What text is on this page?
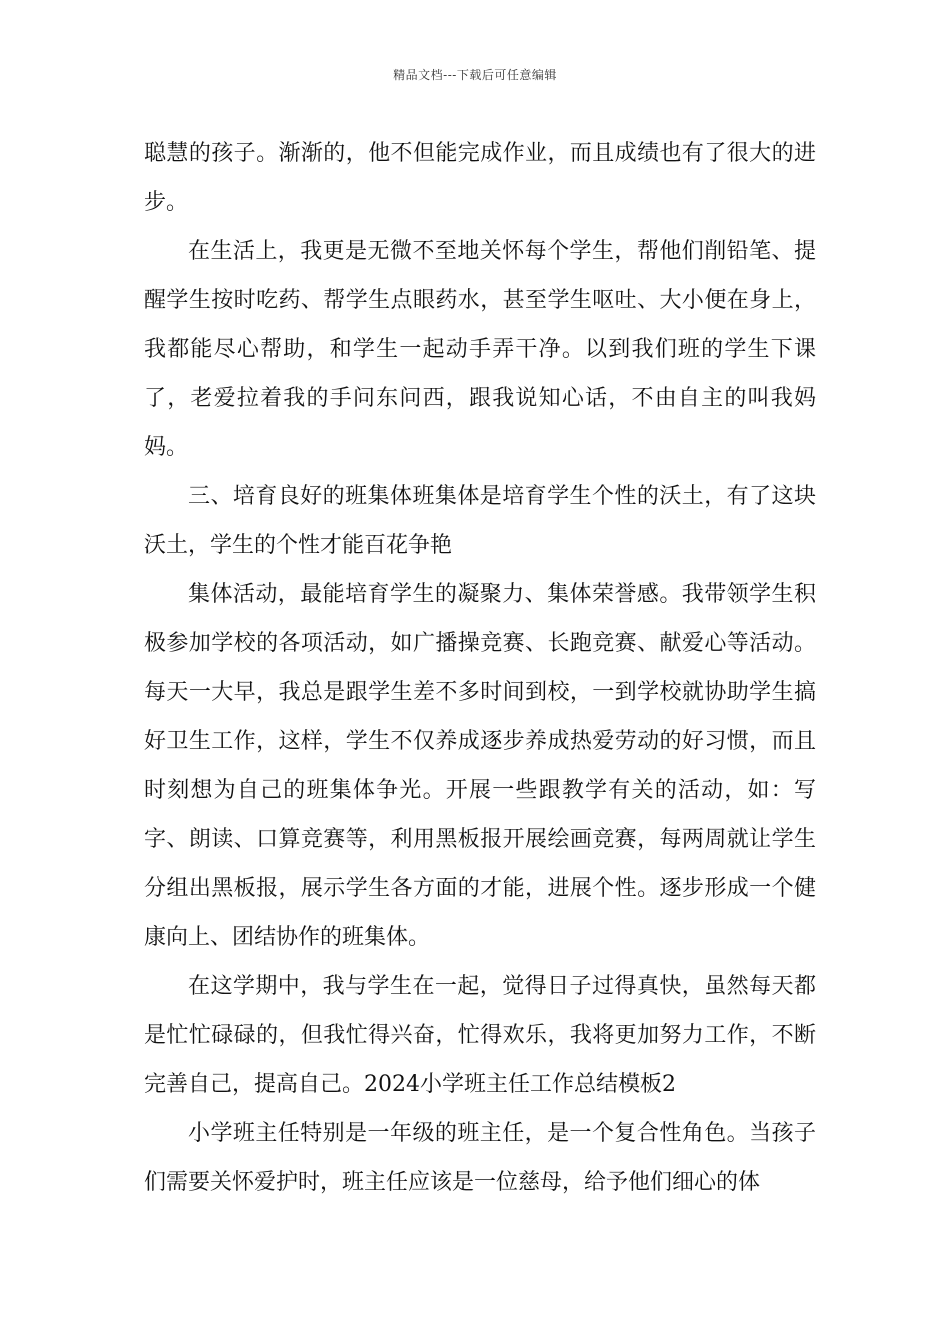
精品文档---下载后可任意编辑

聪慧的孩子。渐渐的，他不但能完成作业，而且成绩也有了很大的进步。

在生活上，我更是无微不至地关怀每个学生，帮他们削铅笔、提醒学生按时吃药、帮学生点眼药水，甚至学生呕吐、大小便在身上，我都能尽心帮助，和学生一起动手弄干净。以到我们班的学生下课了，老爱拉着我的手问东问西，跟我说知心话，不由自主的叫我妈妈。

三、培育良好的班集体班集体是培育学生个性的沃土，有了这块沃土，学生的个性才能百花争艳

集体活动，最能培育学生的凝聚力、集体荣誉感。我带领学生积极参加学校的各项活动，如广播操竞赛、长跑竞赛、献爱心等活动。每天一大早，我总是跟学生差不多时间到校，一到学校就协助学生搞好卫生工作，这样，学生不仅养成逐步养成热爱劳动的好习惯，而且时刻想为自己的班集体争光。开展一些跟教学有关的活动，如：写字、朗读、口算竞赛等，利用黑板报开展绘画竞赛，每两周就让学生分组出黑板报，展示学生各方面的才能，进展个性。逐步形成一个健康向上、团结协作的班集体。

在这学期中，我与学生在一起，觉得日子过得真快，虽然每天都是忙忙碌碌的，但我忙得兴奋，忙得欢乐，我将更加努力工作，不断完善自己，提高自己。2024小学班主任工作总结模板2

小学班主任特别是一年级的班主任，是一个复合性角色。当孩子们需要关怀爱护时，班主任应该是一位慈母，给予他们细心的体
